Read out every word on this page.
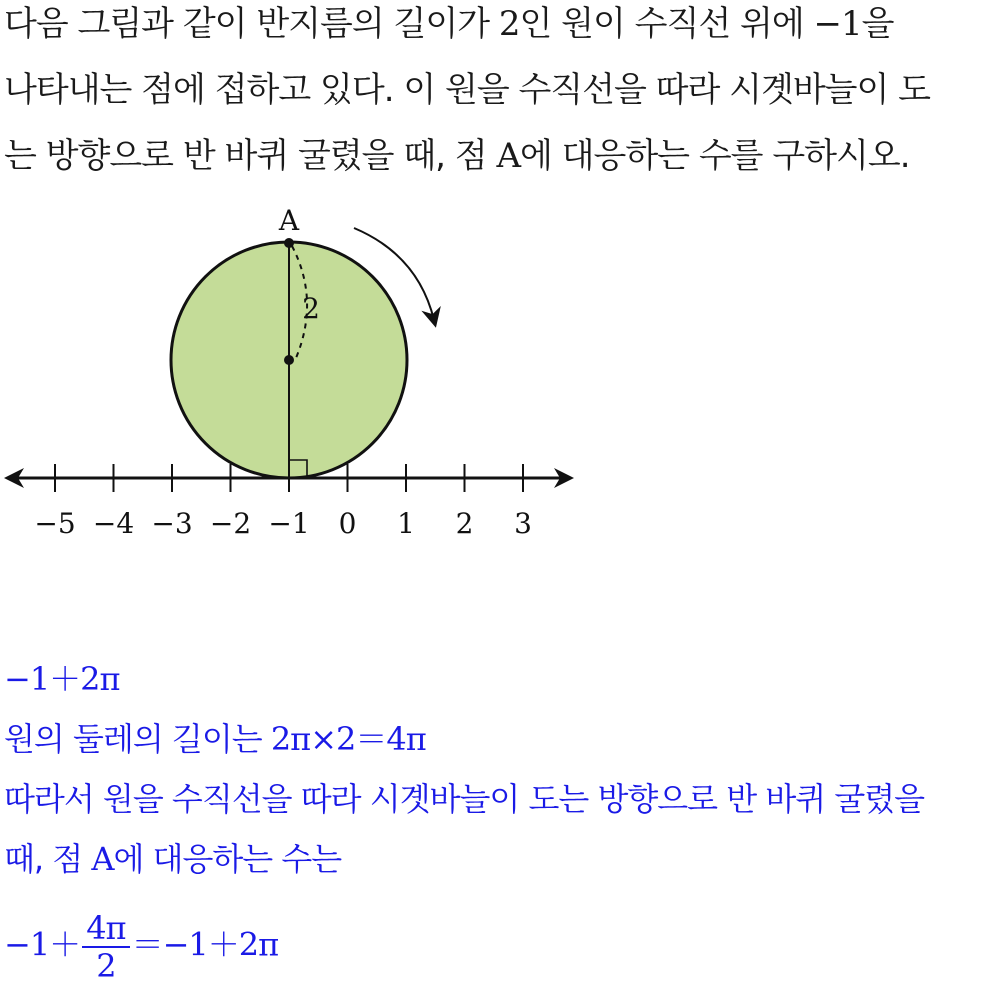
다음 그림과 같이 반지름의 길이가 2인 원이 수직선 위에 −1을
나타내는 점에 접하고 있다. 이 원을 수직선을 따라 시곗바늘이 도
는 방향으로 반 바퀴 굴렸을 때, 점 A에 대응하는 수를 구하시오.
A
2
−5 −4 −3 −2 −1 0 1 2 3
−1＋2π
원의 둘레의 길이는 2π×2＝4π
따라서 원을 수직선을 따라 시곗바늘이 도는 방향으로 반 바퀴 굴렸을
때, 점 A에 대응하는 수는
$-1+ \frac{4\pi}{2} =-1+2\pi$
